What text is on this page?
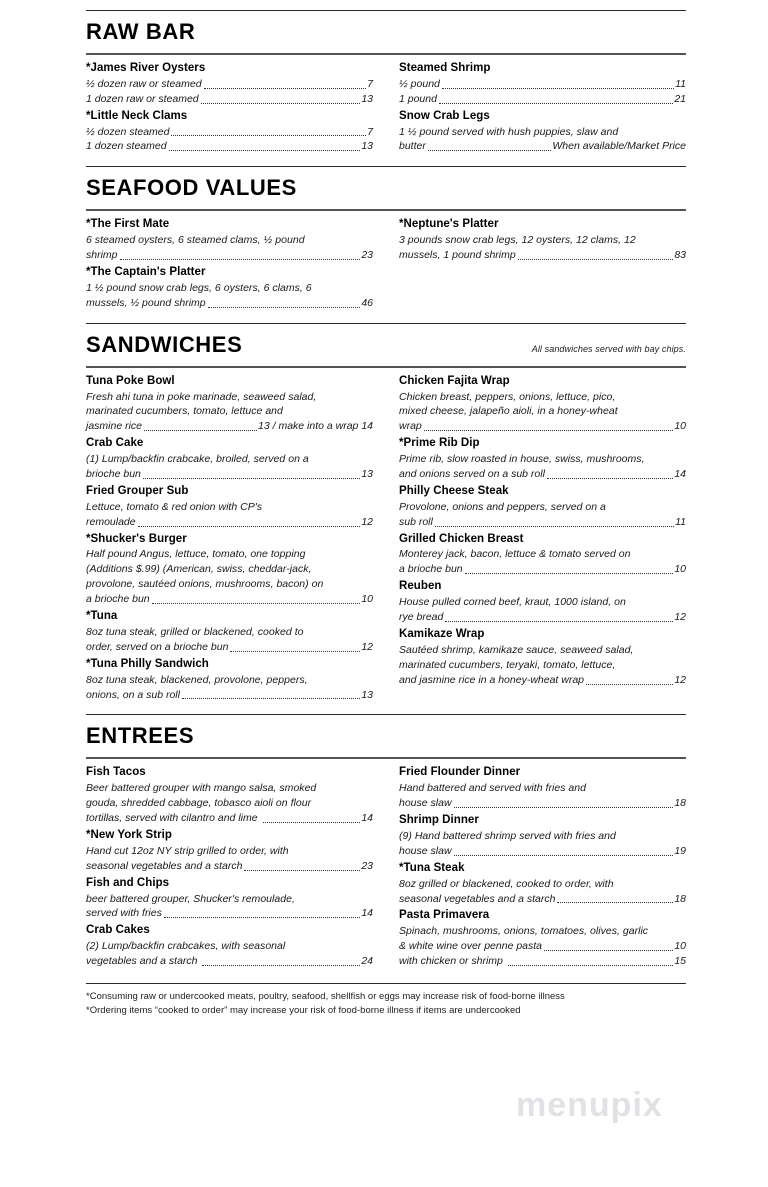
RAW BAR
*James River Oysters
½ dozen raw or steamed	7
1 dozen raw or steamed	13
*Little Neck Clams
½ dozen steamed	7
1 dozen steamed	13
Steamed Shrimp
½ pound	11
1 pound	21
Snow Crab Legs
1 ½ pound served with hush puppies, slaw and
butter	When available/Market Price
SEAFOOD VALUES
*The First Mate
6 steamed oysters, 6 steamed clams, ½ pound
shrimp	23
*The Captain's Platter
1 ½ pound snow crab legs, 6 oysters, 6 clams, 6
mussels, ½ pound shrimp	46
*Neptune's Platter
3 pounds snow crab legs, 12 oysters, 12 clams, 12
mussels, 1 pound shrimp	83
SANDWICHES	All sandwiches served with bay chips.
Tuna Poke Bowl
Fresh ahi tuna in poke marinade, seaweed salad,
marinated cucumbers, tomato, lettuce and
jasmine rice	13 / make into a wrap 14
Crab Cake
(1) Lump/backfin crabcake, broiled, served on a
brioche bun	13
Fried Grouper Sub
Lettuce, tomato & red onion with CP's
remoulade	12
*Shucker's Burger
Half pound Angus, lettuce, tomato, one topping
(Additions $.99) (American, swiss, cheddar-jack,
provolone, sautéed onions, mushrooms, bacon) on
a brioche bun	10
*Tuna
8oz tuna steak, grilled or blackened, cooked to
order, served on a brioche bun	12
*Tuna Philly Sandwich
8oz tuna steak, blackened, provolone, peppers,
onions, on a sub roll	13
Chicken Fajita Wrap
Chicken breast, peppers, onions, lettuce, pico,
mixed cheese, jalapeño aioli, in a honey-wheat
wrap	10
*Prime Rib Dip
Prime rib, slow roasted in house, swiss, mushrooms,
and onions served on a sub roll	14
Philly Cheese Steak
Provolone, onions and peppers, served on a
sub roll	11
Grilled Chicken Breast
Monterey jack, bacon, lettuce & tomato served on
a brioche bun	10
Reuben
House pulled corned beef, kraut, 1000 island, on
rye bread	12
Kamikaze Wrap
Sautéed shrimp, kamikaze sauce, seaweed salad,
marinated cucumbers, teryaki, tomato, lettuce,
and jasmine rice in a honey-wheat wrap	12
ENTREES
Fish Tacos
Beer battered grouper with mango salsa, smoked
gouda, shredded cabbage, tobasco aioli on flour
tortillas, served with cilantro and lime	14
*New York Strip
Hand cut 12oz NY strip grilled to order, with
seasonal vegetables and a starch	23
Fish and Chips
beer battered grouper, Shucker's remoulade,
served with fries	14
Crab Cakes
(2) Lump/backfin crabcakes, with seasonal
vegetables and a starch	24
Fried Flounder Dinner
Hand battered and served with fries and
house slaw	18
Shrimp Dinner
(9) Hand battered shrimp served with fries and
house slaw	19
*Tuna Steak
8oz grilled or blackened, cooked to order, with
seasonal vegetables and a starch	18
Pasta Primavera
Spinach, mushrooms, onions, tomatoes, olives, garlic
& white wine over penne pasta	10
with chicken or shrimp	15
*Consuming raw or undercooked meats, poultry, seafood, shellfish or eggs may increase risk of food-borne illness
*Ordering items “cooked to order” may increase your risk of food-borne illness if items are undercooked
menupix
